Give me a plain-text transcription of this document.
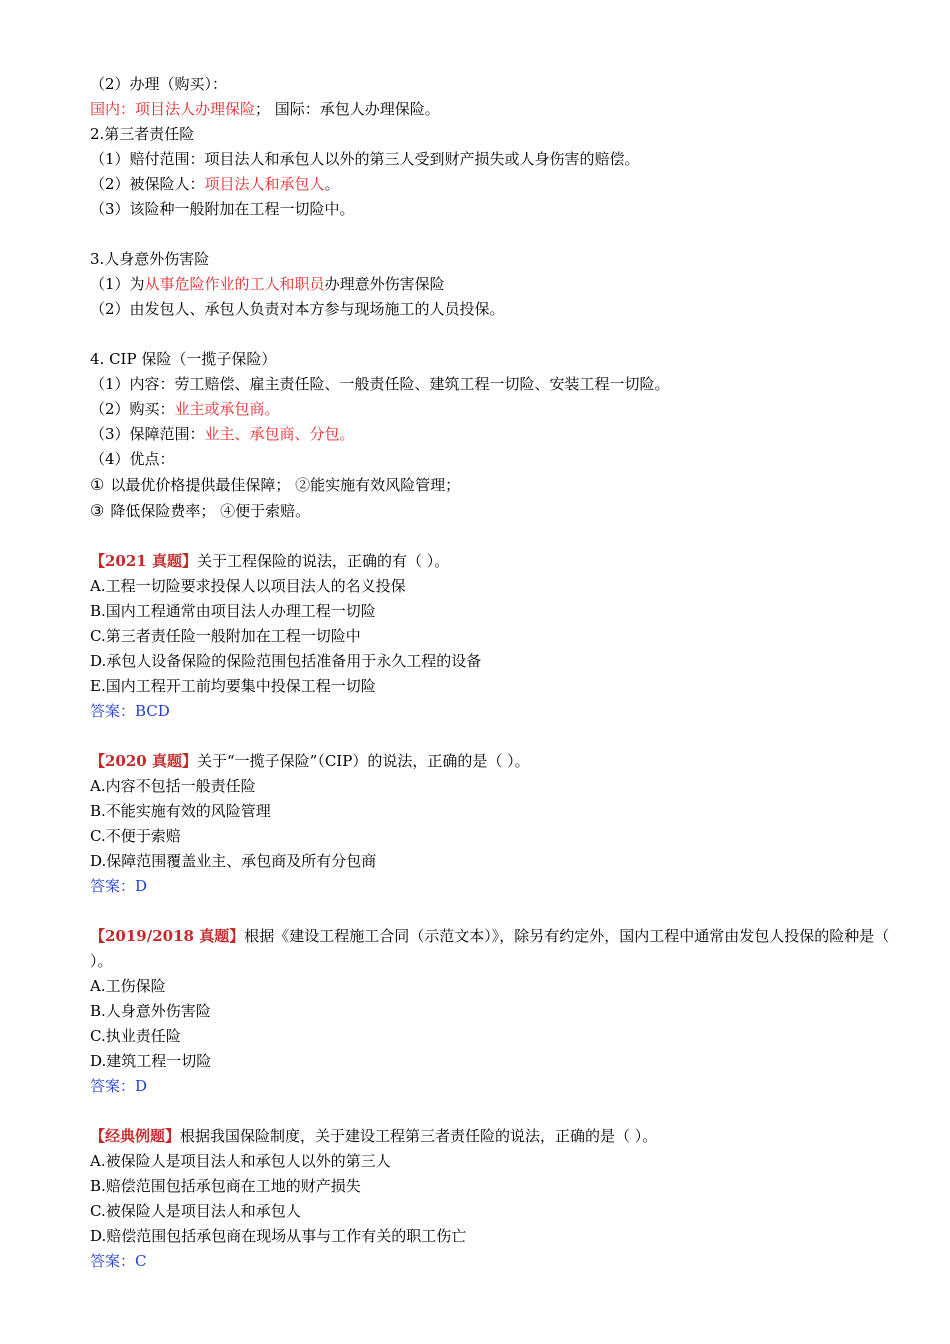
（2）办理（购买）：

国内：项目法人办理保险； 国际：承包人办理保险。

2.第三者责任险

（1）赔付范围：项目法人和承包人以外的第三人受到财产损失或人身伤害的赔偿。

（2）被保险人：项目法人和承包人。

（3）该险种一般附加在工程一切险中。

3.人身意外伤害险

（1）为从事危险作业的工人和职员办理意外伤害保险

（2）由发包人、承包人负责对本方参与现场施工的人员投保。

4. CIP 保险（一揽子保险）

（1）内容：劳工赔偿、雇主责任险、一般责任险、建筑工程一切险、安装工程一切险。

（2）购买：业主或承包商。

（3）保障范围：业主、承包商、分包。

（4）优点：

① 以最优价格提供最佳保障； ②能实施有效风险管理；

③ 降低保险费率； ④便于索赔。

【2021 真题】关于工程保险的说法，正确的有（ ）。

A.工程一切险要求投保人以项目法人的名义投保

B.国内工程通常由项目法人办理工程一切险

C.第三者责任险一般附加在工程一切险中

D.承包人设备保险的保险范围包括准备用于永久工程的设备

E.国内工程开工前均要集中投保工程一切险

答案：BCD

【2020 真题】关于“一揽子保险”（CIP）的说法，正确的是（ ）。

A.内容不包括一般责任险

B.不能实施有效的风险管理

C.不便于索赔

D.保障范围覆盖业主、承包商及所有分包商

答案：D

【2019/2018 真题】根据《建设工程施工合同（示范文本）》，除另有约定外，国内工程中通常由发包人投保的险种是（ ）。

A.工伤保险

B.人身意外伤害险

C.执业责任险

D.建筑工程一切险

答案：D

【经典例题】根据我国保险制度，关于建设工程第三者责任险的说法，正确的是（ ）。

A.被保险人是项目法人和承包人以外的第三人

B.赔偿范围包括承包商在工地的财产损失

C.被保险人是项目法人和承包人

D.赔偿范围包括承包商在现场从事与工作有关的职工伤亡

答案：C
